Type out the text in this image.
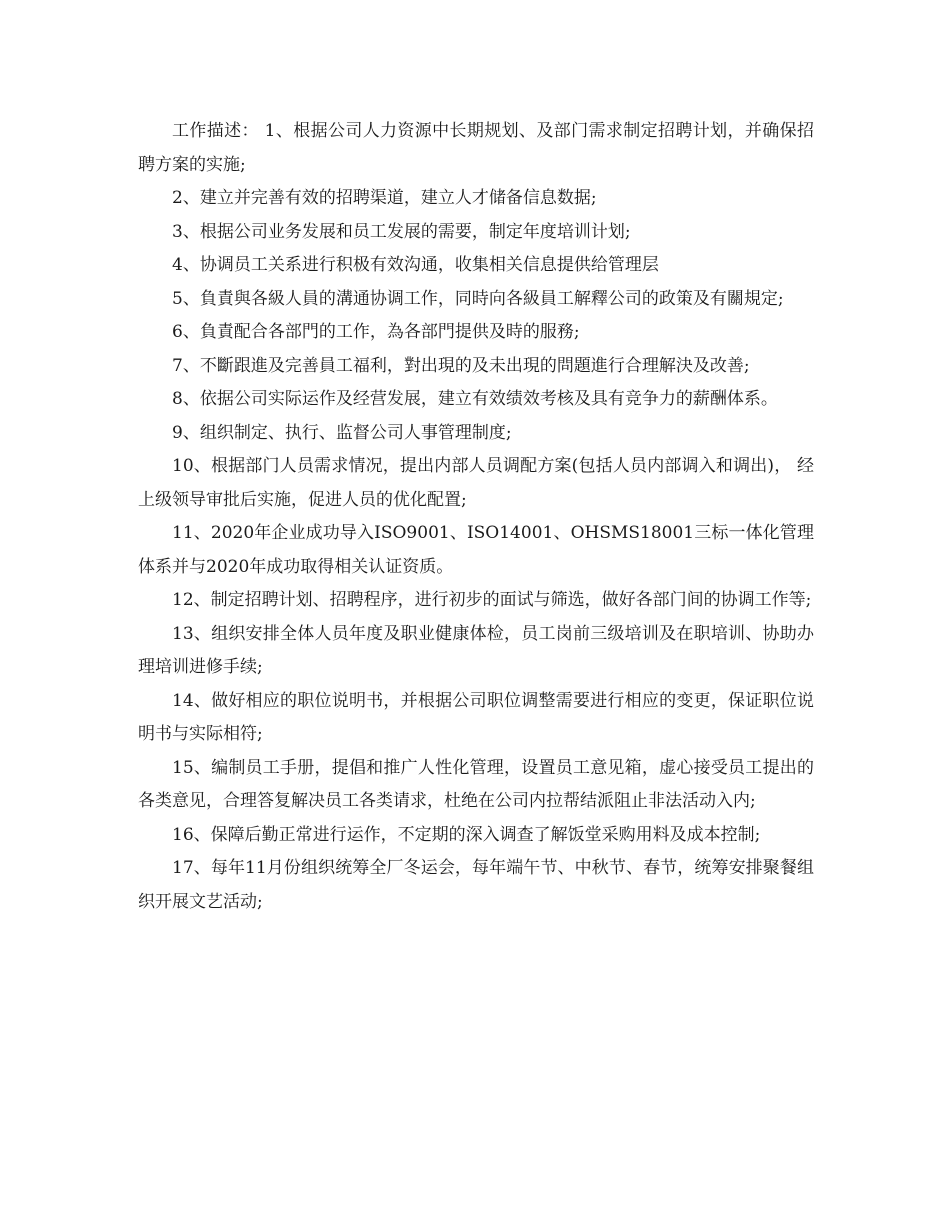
工作描述： 1、根据公司人力资源中长期规划、及部门需求制定招聘计划，并确保招聘方案的实施;

2、建立并完善有效的招聘渠道，建立人才储备信息数据;

3、根据公司业务发展和员工发展的需要，制定年度培训计划;

4、协调员工关系进行积极有效沟通，收集相关信息提供给管理层

5、負責與各級人員的溝通协调工作，同時向各級員工解釋公司的政策及有關規定;

6、負責配合各部門的工作，為各部門提供及時的服務;

7、不斷跟進及完善員工福利，對出現的及未出現的問題進行合理解決及改善;

8、依据公司实际运作及经营发展，建立有效绩效考核及具有竞争力的薪酬体系。

9、组织制定、执行、监督公司人事管理制度;

10、根据部门人员需求情况，提出内部人员调配方案(包括人员内部调入和调出)， 经上级领导审批后实施，促进人员的优化配置;

11、2020年企业成功导入ISO9001、ISO14001、OHSMS18001三标一体化管理体系并与2020年成功取得相关认证资质。

12、制定招聘计划、招聘程序，进行初步的面试与筛选，做好各部门间的协调工作等;

13、组织安排全体人员年度及职业健康体检，员工岗前三级培训及在职培训、协助办理培训进修手续;

14、做好相应的职位说明书，并根据公司职位调整需要进行相应的变更，保证职位说明书与实际相符;

15、编制员工手册，提倡和推广人性化管理，设置员工意见箱，虚心接受员工提出的各类意见，合理答复解决员工各类请求，杜绝在公司内拉帮结派阻止非法活动入内;

16、保障后勤正常进行运作，不定期的深入调查了解饭堂采购用料及成本控制;

17、每年11月份组织统筹全厂冬运会，每年端午节、中秋节、春节，统筹安排聚餐组织开展文艺活动;
